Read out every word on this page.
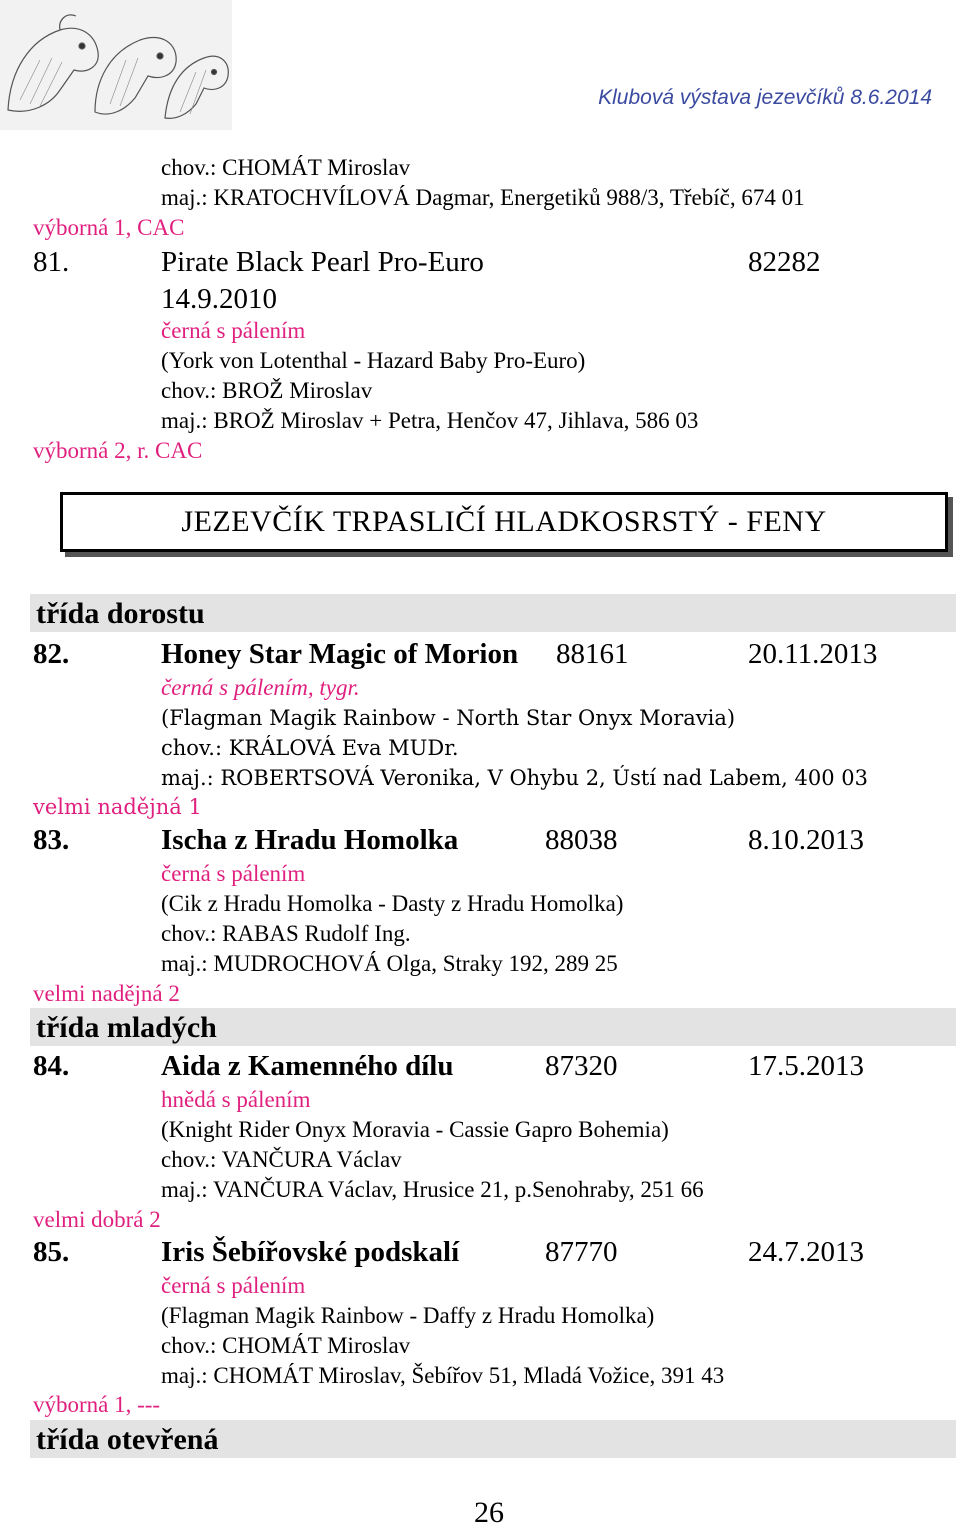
Klubová výstava jezevčíků 8.6.2014
chov.: CHOMÁT Miroslav
maj.: KRATOCHVÍLOVÁ Dagmar, Energetiků 988/3, Třebíč, 674 01
výborná 1, CAC
81.	Pirate Black Pearl Pro-Euro	82282
14.9.2010
černá s pálením
(York von Lotenthal - Hazard Baby Pro-Euro)
chov.: BROŽ Miroslav
maj.: BROŽ Miroslav + Petra, Henčov 47, Jihlava, 586 03
výborná 2, r. CAC
JEZEVČÍK TRPASLIČÍ HLADKOSRSTÝ - FENY
třída dorostu
82.	Honey Star Magic of Morion 88161	20.11.2013
černá s pálením, tygr.
(Flagman Magik Rainbow - North Star Onyx Moravia)
chov.: KRÁLOVÁ Eva MUDr.
maj.: ROBERTSOVÁ Veronika, V Ohybu 2, Ústí nad Labem, 400 03
velmi nadějná 1
83.	Ischa z Hradu Homolka	88038	8.10.2013
černá s pálením
(Cik z Hradu Homolka - Dasty z Hradu Homolka)
chov.: RABAS Rudolf Ing.
maj.: MUDROCHOVÁ Olga, Straky 192, 289 25
velmi nadějná 2
třída mladých
84.	Aida z Kamenného dílu	87320	17.5.2013
hnědá s pálením
(Knight Rider Onyx Moravia - Cassie Gapro Bohemia)
chov.: VANČURA Václav
maj.: VANČURA Václav, Hrusice 21, p.Senohraby, 251 66
velmi dobrá 2
85.	Iris Šebířovské podskalí	87770	24.7.2013
černá s pálením
(Flagman Magik Rainbow - Daffy z Hradu Homolka)
chov.: CHOMÁT Miroslav
maj.: CHOMÁT Miroslav, Šebířov 51, Mladá Vožice, 391 43
výborná 1, ---
třída otevřená
26
